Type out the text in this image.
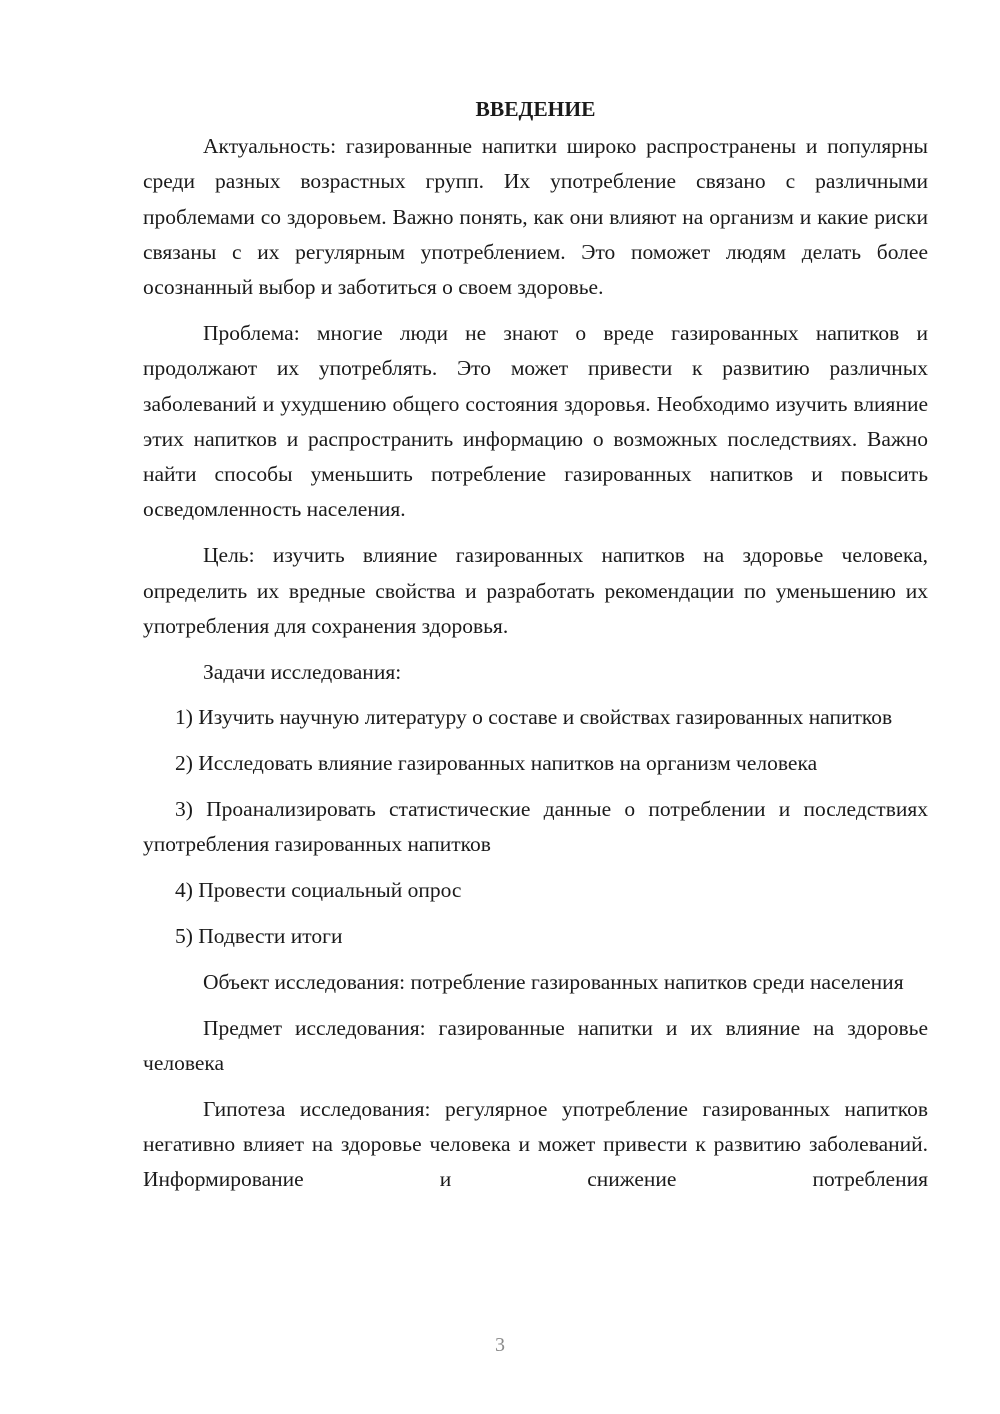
ВВЕДЕНИЕ

Актуальность: газированные напитки широко распространены и популярны среди разных возрастных групп. Их употребление связано с различными проблемами со здоровьем. Важно понять, как они влияют на организм и какие риски связаны с их регулярным употреблением. Это поможет людям делать более осознанный выбор и заботиться о своем здоровье.

Проблема: многие люди не знают о вреде газированных напитков и продолжают их употреблять. Это может привести к развитию различных заболеваний и ухудшению общего состояния здоровья. Необходимо изучить влияние этих напитков и распространить информацию о возможных последствиях. Важно найти способы уменьшить потребление газированных напитков и повысить осведомленность населения.

Цель: изучить влияние газированных напитков на здоровье человека, определить их вредные свойства и разработать рекомендации по уменьшению их употребления для сохранения здоровья.

Задачи исследования:

1) Изучить научную литературу о составе и свойствах газированных напитков

2) Исследовать влияние газированных напитков на организм человека

3) Проанализировать статистические данные о потреблении и последствиях употребления газированных напитков

4) Провести социальный опрос

5) Подвести итоги

Объект исследования: потребление газированных напитков среди населения

Предмет исследования: газированные напитки и их влияние на здоровье человека

Гипотеза исследования: регулярное употребление газированных напитков негативно влияет на здоровье человека и может привести к развитию заболеваний. Информирование и снижение потребления

3
